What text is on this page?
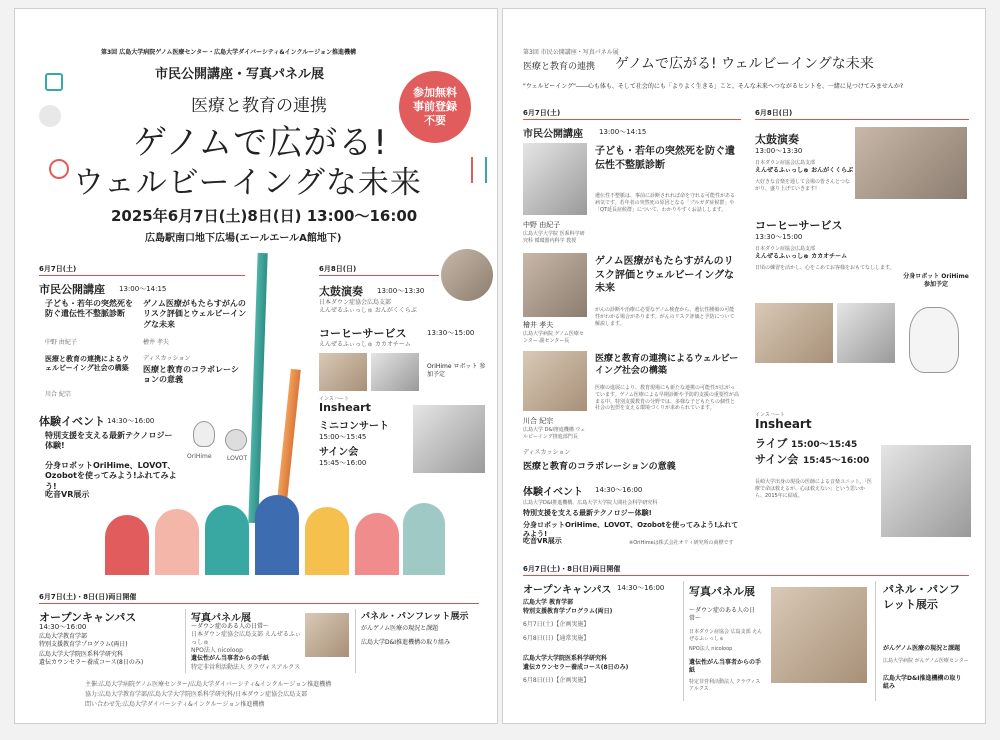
第3回 広島大学病院ゲノム医療センター・広島大学ダイバーシティ&インクルージョン推進機構
市民公開講座・写真パネル展
医療と教育の連携
ゲノムで広がる!
ウェルビーイングな未来
参加無料
事前登録
不要
2025年6月7日(土)8日(日) 13:00〜16:00
広島駅南口地下広場(エールエールA館地下)
6月7日(土)
市民公開講座 13:00〜14:15
子ども・若年の突然死を防ぐ遺伝性不整脈診断
中野 由紀子
ゲノム医療がもたらすがんのリスク評価とウェルビーイングな未来
檜井 孝夫
医療と教育の連携によるウェルビーイング社会の構築
川合 紀宗
ディスカッション
医療と教育のコラボレーションの意義
体験イベント 14:30〜16:00
特別支援を支える最新テクノロジー体験!
分身ロボットOriHime、LOVOT、Ozobotを使ってみよう!ふれてみよう!
吃音VR展示
OriHime	LOVOT
6月8日(日)
太鼓演奏 13:00〜13:30
日本ダウン症協会広島支部
えんぜるふぃっしゅ おんがくくらぶ
コーヒーサービス	13:30〜15:00
えんぜるふぃっしゅ カカオチーム
OriHime ロボット 参加予定
インスハート
Insheart
ミニコンサート
15:00〜15:45
サイン会
15:45〜16:00
6月7日(土)・8日(日)両日開催
オープンキャンパス
14:30〜16:00
広島大学教育学部
特別支援教育学プログラム(両日)
広島大学大学院医系科学研究科
遺伝カウンセラー養成コース(8日のみ)
写真パネル展
〜ダウン症のある人の日常〜
日本ダウン症協会広島支部 えんぜるふぃっしゅ
NPO法人 nicoloop
遺伝性がん当事者からの手紙
特定非営利活動法人 クラヴィスアルクス
パネル・パンフレット展示
がんゲノム医療の現況と課題
広島大学D&I推進機構の取り組み
主催:広島大学病院ゲノム医療センター/広島大学ダイバーシティ&インクルージョン推進機構
協力:広島大学教育学部/広島大学大学院医系科学研究科/日本ダウン症協会広島支部
問い合わせ先:広島大学ダイバーシティ&インクルージョン推進機構
第3回 市民公開講座・写真パネル展
医療と教育の連携 ゲノムで広がる! ウェルビーイングな未来
"ウェルビーイング"――心も体も、そして社会的にも「よりよく生きる」こと。そんな未来へつながるヒントを、一緒に見つけてみませんか?
6月7日(土)
市民公開講座 13:00〜14:15
子ども・若年の突然死を防ぐ遺伝性不整脈診断
中野 由紀子
広島大学大学院 医系科学研究科 循環器内科学 教授
遺伝性不整脈は、事前に診断されれば命を守れる可能性がある病気です。若年者の突然死の原因となる「ブルガダ症候群」や「QT延長症候群」について、わかりやすくお話しします。
ゲノム医療がもたらすがんのリスク評価とウェルビーイングな未来
檜井 孝夫
広島大学病院 ゲノム医療センター 副センター長
がんの診断や治療に必要なゲノム検査から、遺伝性腫瘍の可能性がわかる場合があります。がんのリスク評価と予防について解説します。
医療と教育の連携によるウェルビーイング社会の構築
川合 紀宗
広島大学 D&I推進機構 ウェルビーイング推進部門長
医療の進展により、教育現場にも新たな連携の可能性が広がっています。ゲノム医療による早期診断や予防的支援の重要性が高まる中、特別支援教育の分野では、多様な子どもたちの個性と社会の包摂を支える環境づくりが求められています。
ディスカッション
医療と教育のコラボレーションの意義
体験イベント 14:30〜16:00
広島大学D&I推進機構、広島大学大学院人間社会科学研究科
特別支援を支える最新テクノロジー体験!
分身ロボットOriHime、LOVOT、Ozobotを使ってみよう!ふれてみよう!
吃音VR展示	※OriHimeは株式会社オリィ研究所の商標です
6月8日(日)
太鼓演奏
13:00〜13:30
日本ダウン症協会広島支部
えんぜるふぃっしゅ おんがくくらぶ
大好きな音楽を通して会場の皆さんとつながり、盛り上げていきます!
コーヒーサービス
13:30〜15:00
日本ダウン症協会広島支部
えんぜるふぃっしゅ カカオチーム
日頃の練習を活かし、心をこめてお客様をおもてなしします。
分身ロボット OriHime 参加予定
インスハート
Insheart
ライブ 15:00〜15:45
サイン会 15:45〜16:00
長崎大学出身の現役の医師による音楽ユニット。「医療で命は救えるが、心は救えない」という思いから、2015年に結成。
6月7日(土)・8日(日)両日開催
オープンキャンパス 14:30〜16:00
広島大学 教育学部
特別支援教育学プログラム(両日)
6月7日(土)【企画実施】
6月8日(日)【通常実施】
広島大学大学院医系科学研究科
遺伝カウンセラー養成コース(8日のみ)
6月8日(日)【企画実施】
写真パネル展
〜ダウン症のある人の日常〜
日本ダウン症協会 広島支部 えんぜるふぃっしゅ
NPO法人 nicoloop
遺伝性がん当事者からの手紙
特定非営利活動法人 クラヴィスアルクス
パネル・パンフレット展示
がんゲノム医療の現況と課題
広島大学病院 がんゲノム医療センター
広島大学D&I推進機構の取り組み
